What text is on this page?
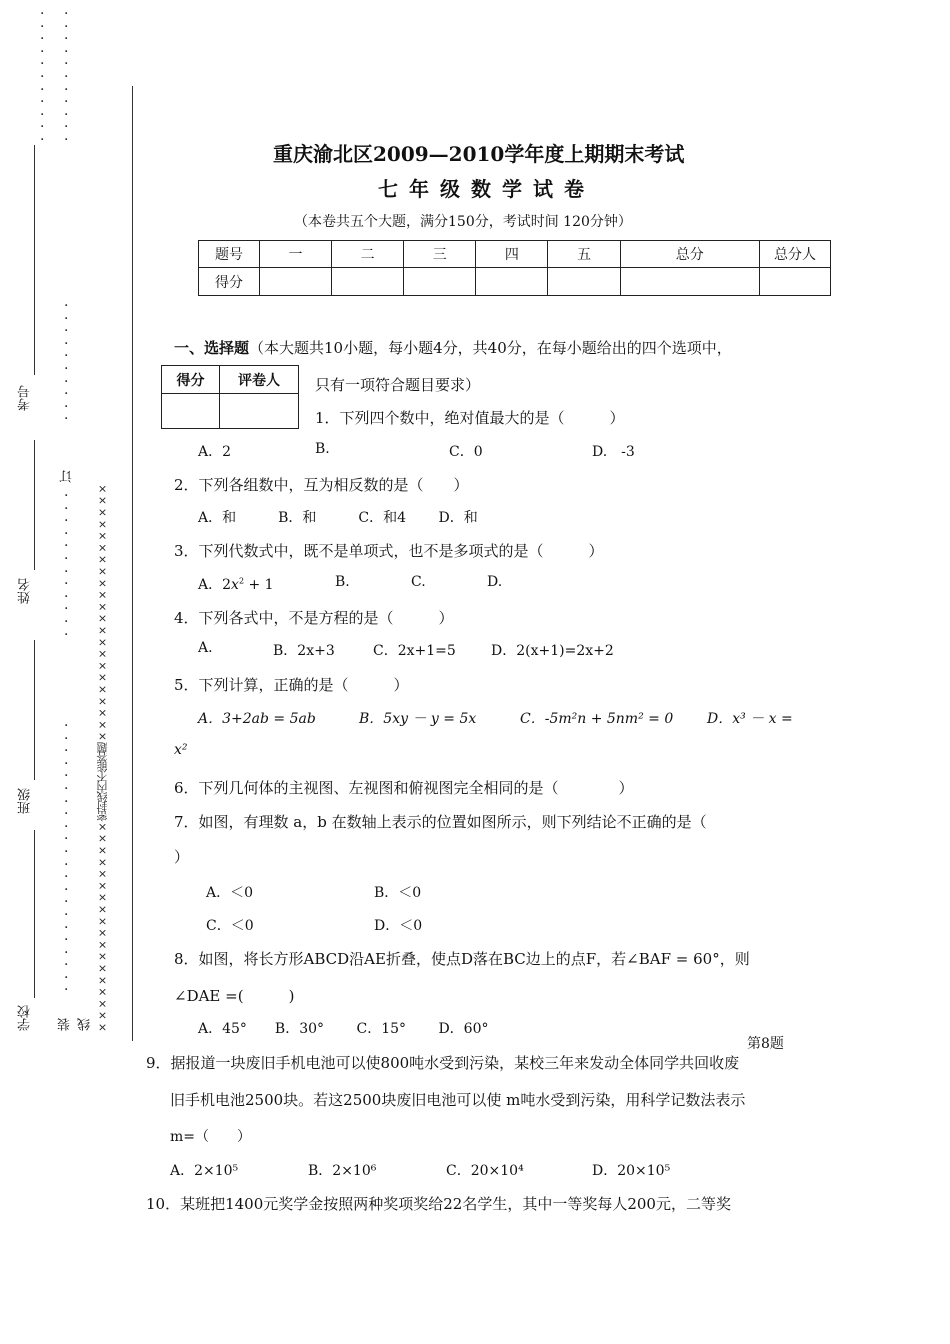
·
·
·
·
·
·
·
·
·
·
·

·
·
·
·
·
·
·
·
·
·
·

·
·
·
·
·
·
·
·
·
·

·
·
·
·
·
·
·
·
·
·
·
·

·
·
·
·
·
·
·
·
·
·
·
·
·
·
·
·
·
·
·
·
·
·

考号
订
姓名
班级
学校 装 线 ××××××××××××××××××密封线内不能答题××××××××××××××××××××××
重庆渝北区2009—2010学年度上期期末考试
七年级数学试卷
（本卷共五个大题，满分150分，考试时间 120分钟）
题号	一	二	三	四	五	总分	总分人
得分							
一、选择题（本大题共10小题，每小题4分，共40分，在每小题给出的四个选项中，
得分	评卷人
	只有一项符合题目要求）
1．下列四个数中，绝对值最大的是（　　　）
A．2	B.	C．0	D.　-3
2．下列各组数中，互为相反数的是（　　）
A．和　　　B．和　　　C．和4　　 D．和
3．下列代数式中，既不是单项式，也不是多项式的是（　　　）
A．$2x^2 + 1$	B.	C.	D.
4．下列各式中，不是方程的是（　　　）
A.	B．2x+3	C．2x+1=5	D．2(x+1)=2x+2
5．下列计算，正确的是（　　　）
A．3+2ab = 5ab	B．5xy － y = 5x	C．-5m²n + 5nm² = 0 D．x³ － x =
x²
6．下列几何体的主视图、左视图和俯视图完全相同的是（　　　　）
7．如图，有理数 a，b 在数轴上表示的位置如图所示，则下列结论不正确的是（
）
A．＜0	B．＜0
C．＜0	D．＜0
8．如图，将长方形ABCD沿AE折叠，使点D落在BC边上的点F，若∠BAF = 60°，则
∠DAE =(　　　)
A．45°　　B．30°　　 C．15°　　 D．60°
第8题
9．据报道一块废旧手机电池可以使800吨水受到污染，某校三年来发动全体同学共回收废
旧手机电池2500块。若这2500块废旧电池可以使 m吨水受到污染，用科学记数法表示
m=（　　）
A．2×10⁵	B．2×10⁶	C．20×10⁴	D．20×10⁵
10．某班把1400元奖学金按照两种奖项奖给22名学生，其中一等奖每人200元，二等奖
